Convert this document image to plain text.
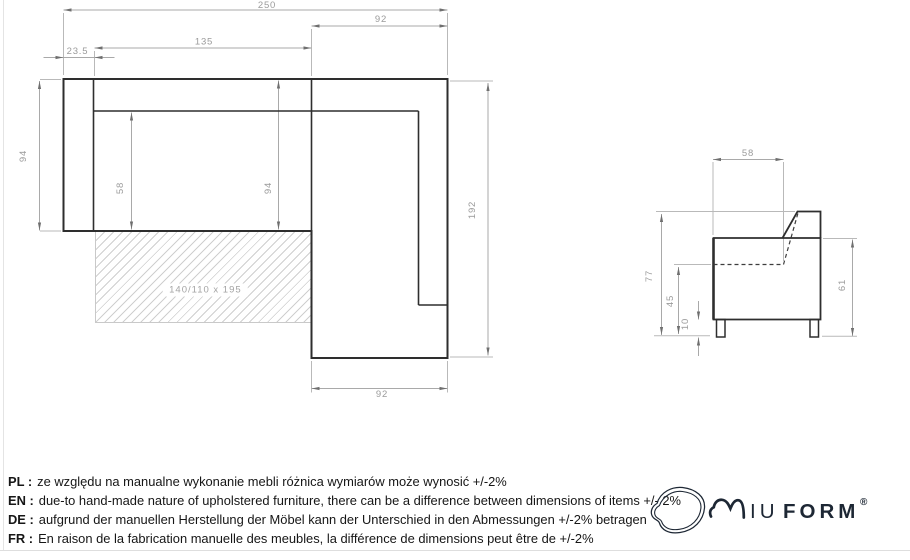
140/110 x 195
250
92
135
23.5
94
58	94
192
92
58
77
45
10
61
PL : ze względu na manualne wykonanie mebli różnica wymiarów może wynosić +/-2%
EN : due-to hand-made nature of upholstered furniture, there can be a difference between dimensions of items +/- 2%
DE : aufgrund der manuellen Herstellung der Möbel kann der Unterschied in den Abmessungen +/-2% betragen
FR : En raison de la fabrication manuelle des meubles, la différence de dimensions peut être de +/-2%
IU FORM ®
